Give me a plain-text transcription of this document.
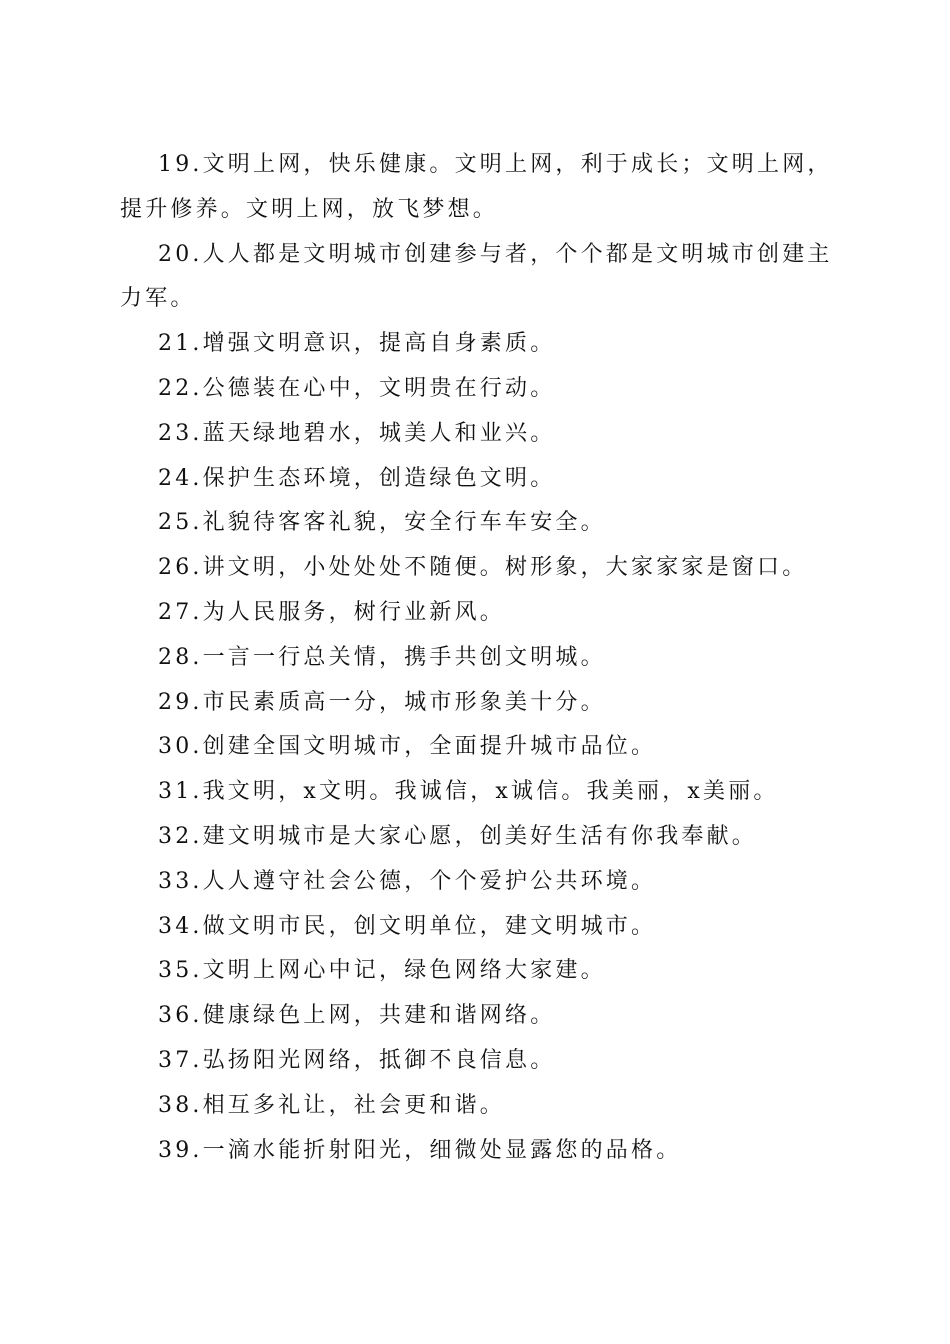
19.文明上网，快乐健康。文明上网，利于成长；文明上网，提升修养。文明上网，放飞梦想。

20.人人都是文明城市创建参与者，个个都是文明城市创建主力军。

21.增强文明意识，提高自身素质。

22.公德装在心中，文明贵在行动。

23.蓝天绿地碧水，城美人和业兴。

24.保护生态环境，创造绿色文明。

25.礼貌待客客礼貌，安全行车车安全。

26.讲文明，小处处处不随便。树形象，大家家家是窗口。

27.为人民服务，树行业新风。

28.一言一行总关情，携手共创文明城。

29.市民素质高一分，城市形象美十分。

30.创建全国文明城市，全面提升城市品位。

31.我文明，x文明。我诚信，x诚信。我美丽，x美丽。

32.建文明城市是大家心愿，创美好生活有你我奉献。

33.人人遵守社会公德，个个爱护公共环境。

34.做文明市民，创文明单位，建文明城市。

35.文明上网心中记，绿色网络大家建。

36.健康绿色上网，共建和谐网络。

37.弘扬阳光网络，抵御不良信息。

38.相互多礼让，社会更和谐。

39.一滴水能折射阳光，细微处显露您的品格。
